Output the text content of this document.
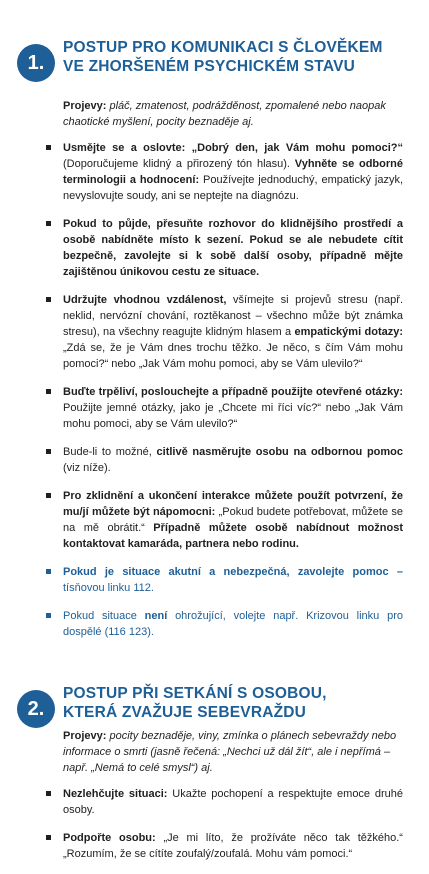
1.
POSTUP PRO KOMUNIKACI S ČLOVĚKEM
VE ZHORŠENÉM PSYCHICKÉM STAVU
Projevy: pláč, zmatenost, podrážděnost, zpomalené nebo naopak chaotické myšlení, pocity beznaděje aj.
Usmějte se a oslovte: „Dobrý den, jak Vám mohu pomoci?“ (Doporučujeme klidný a přirozený tón hlasu). Vyhněte se odborné terminologii a hodnocení: Používejte jednoduchý, empatický jazyk, nevyslovujte soudy, ani se neptejte na diagnózu.
Pokud to půjde, přesuňte rozhovor do klidnějšího prostředí a osobě nabídněte místo k sezení. Pokud se ale nebudete cítit bezpečně, zavolejte si k sobě další osoby, případně mějte zajištěnou únikovou cestu ze situace.
Udržujte vhodnou vzdálenost, všímejte si projevů stresu (např. neklid, nervózní chování, roztěkanost – všechno může být známka stresu), na všechny reagujte klidným hlasem a empatickými dotazy: „Zdá se, že je Vám dnes trochu těžko. Je něco, s čím Vám mohu pomoci?“ nebo „Jak Vám mohu pomoci, aby se Vám ulevilo?“
Buďte trpěliví, poslouchejte a případně použijte otevřené otázky: Použijte jemné otázky, jako je „Chcete mi říci víc?“ nebo „Jak Vám mohu pomoci, aby se Vám ulevilo?“
Bude-li to možné, citlivě nasměrujte osobu na odbornou pomoc (viz níže).
Pro zklidnění a ukončení interakce můžete použít potvrzení, že mu/jí můžete být nápomocni: „Pokud budete potřebovat, můžete se na mě obrátit.“ Případně můžete osobě nabídnout možnost kontaktovat kamaráda, partnera nebo rodinu.
Pokud je situace akutní a nebezpečná, zavolejte pomoc – tísňovou linku 112.
Pokud situace není ohrožující, volejte např. Krizovou linku pro dospělé (116 123).
2.
POSTUP PŘI SETKÁNÍ S OSOBOU,
KTERÁ ZVAŽUJE SEBEVRAŽDU
Projevy: pocity beznaděje, viny, zmínka o plánech sebevraždy nebo informace o smrti (jasně řečená: „Nechci už dál žít“, ale i nepřímá – např. „Nemá to celé smysl“) aj.
Nezlehčujte situaci: Ukažte pochopení a respektujte emoce druhé osoby.
Podpořte osobu: „Je mi líto, že prožíváte něco tak těžkého.“ „Rozumím, že se cítíte zoufalý/zoufalá. Mohu vám pomoci.“
